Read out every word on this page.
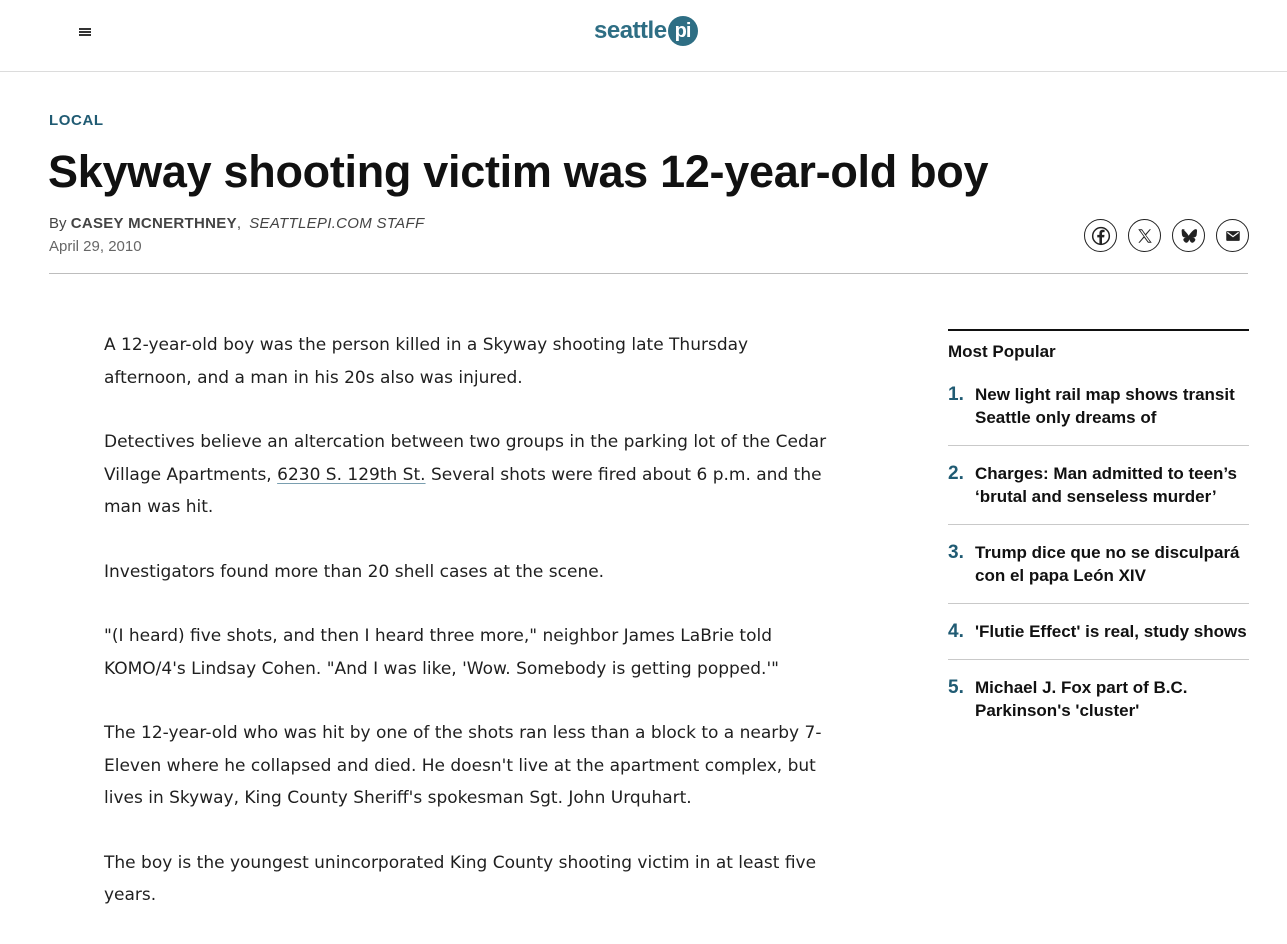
seattle pi
LOCAL
Skyway shooting victim was 12-year-old boy
By CASEY MCNERTHNEY, SEATTLEPI.COM STAFF
April 29, 2010

A 12-year-old boy was the person killed in a Skyway shooting late Thursday afternoon, and a man in his 20s also was injured.

Detectives believe an altercation between two groups in the parking lot of the Cedar Village Apartments, 6230 S. 129th St. Several shots were fired about 6 p.m. and the man was hit.

Investigators found more than 20 shell cases at the scene.

"(I heard) five shots, and then I heard three more," neighbor James LaBrie told KOMO/4's Lindsay Cohen. "And I was like, 'Wow. Somebody is getting popped.'"

The 12-year-old who was hit by one of the shots ran less than a block to a nearby 7-Eleven where he collapsed and died. He doesn't live at the apartment complex, but lives in Skyway, King County Sheriff's spokesman Sgt. John Urquhart.

The boy is the youngest unincorporated King County shooting victim in at least five years.

Most Popular
1. New light rail map shows transit Seattle only dreams of
2. Charges: Man admitted to teen’s ‘brutal and senseless murder’
3. Trump dice que no se disculpará con el papa León XIV
4. 'Flutie Effect' is real, study shows
5. Michael J. Fox part of B.C. Parkinson's 'cluster'
